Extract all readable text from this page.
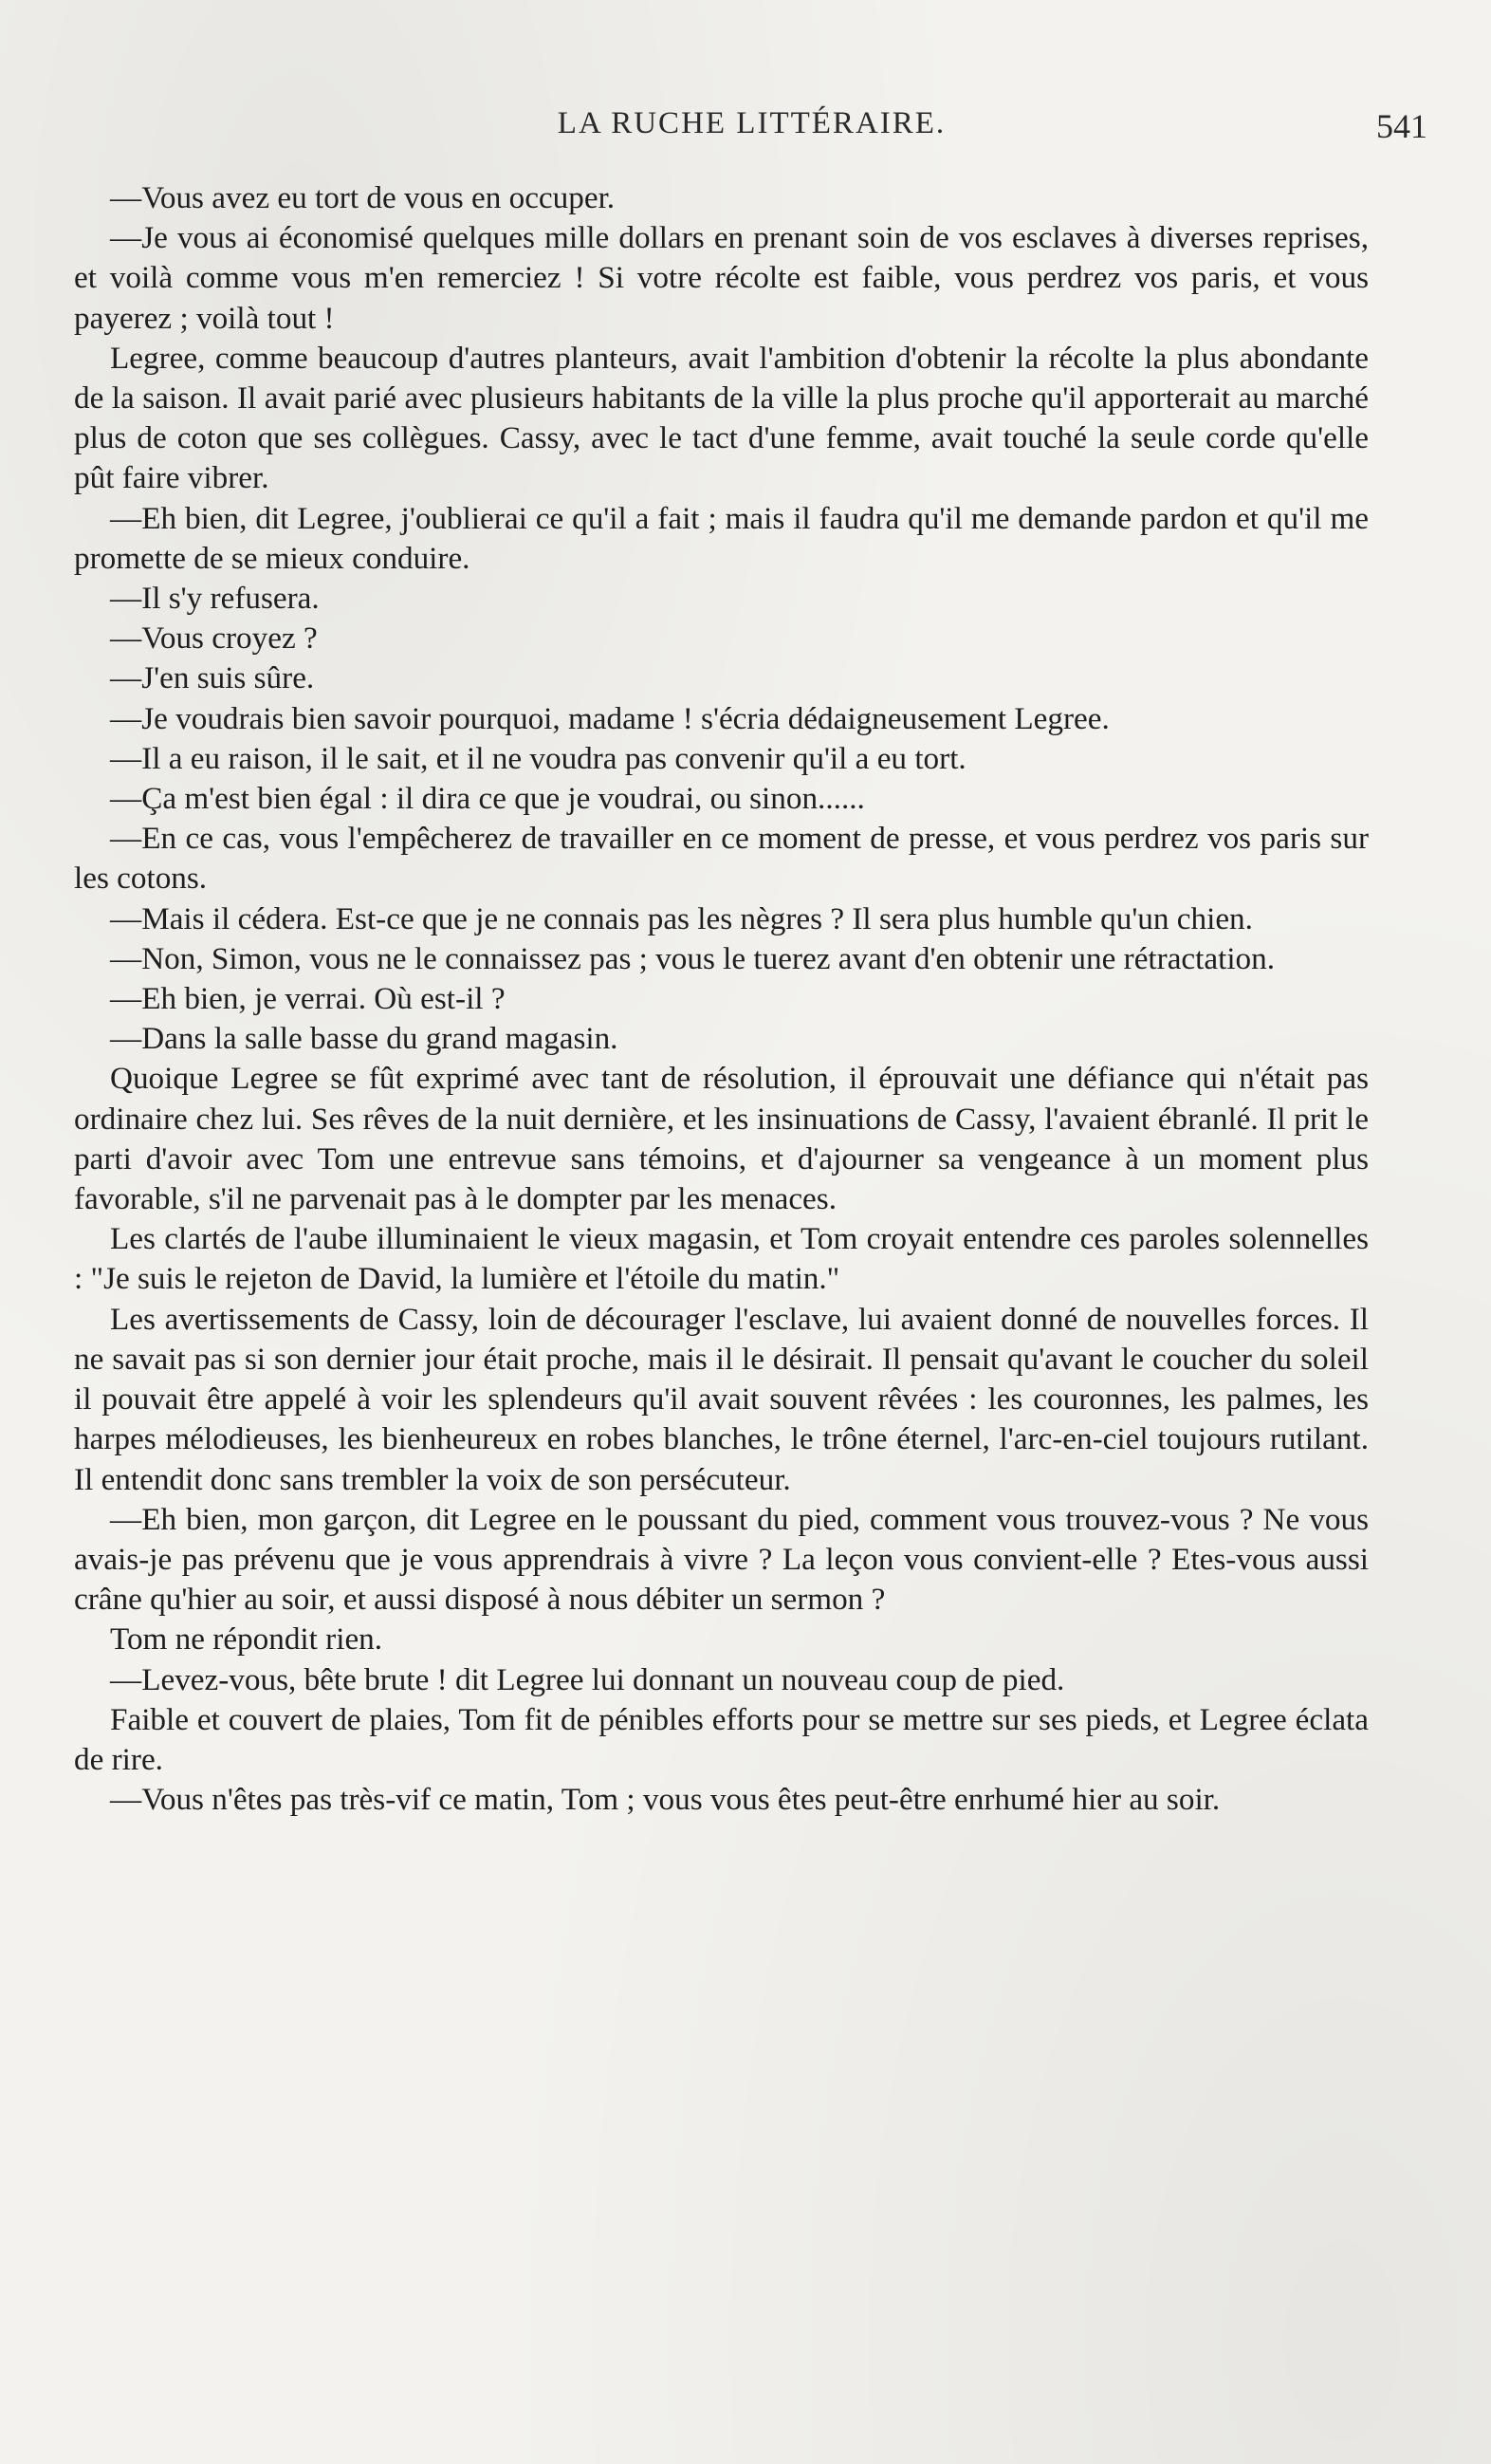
LA RUCHE LITTÉRAIRE.	541

—Vous avez eu tort de vous en occuper.

—Je vous ai économisé quelques mille dollars en prenant soin de vos esclaves à diverses reprises, et voilà comme vous m'en remerciez ! Si votre récolte est faible, vous perdrez vos paris, et vous payerez ; voilà tout !

Legree, comme beaucoup d'autres planteurs, avait l'ambition d'obtenir la récolte la plus abondante de la saison. Il avait parié avec plusieurs habitants de la ville la plus proche qu'il apporterait au marché plus de coton que ses collègues. Cassy, avec le tact d'une femme, avait touché la seule corde qu'elle pût faire vibrer.

—Eh bien, dit Legree, j'oublierai ce qu'il a fait ; mais il faudra qu'il me demande pardon et qu'il me promette de se mieux conduire.

—Il s'y refusera.

—Vous croyez ?

—J'en suis sûre.

—Je voudrais bien savoir pourquoi, madame ! s'écria dédaigneusement Legree.

—Il a eu raison, il le sait, et il ne voudra pas convenir qu'il a eu tort.

—Ça m'est bien égal : il dira ce que je voudrai, ou sinon......

—En ce cas, vous l'empêcherez de travailler en ce moment de presse, et vous perdrez vos paris sur les cotons.

—Mais il cédera. Est-ce que je ne connais pas les nègres ? Il sera plus humble qu'un chien.

—Non, Simon, vous ne le connaissez pas ; vous le tuerez avant d'en obtenir une rétractation.

—Eh bien, je verrai. Où est-il ?

—Dans la salle basse du grand magasin.

Quoique Legree se fût exprimé avec tant de résolution, il éprouvait une défiance qui n'était pas ordinaire chez lui. Ses rêves de la nuit dernière, et les insinuations de Cassy, l'avaient ébranlé. Il prit le parti d'avoir avec Tom une entrevue sans témoins, et d'ajourner sa vengeance à un moment plus favorable, s'il ne parvenait pas à le dompter par les menaces.

Les clartés de l'aube illuminaient le vieux magasin, et Tom croyait entendre ces paroles solennelles : "Je suis le rejeton de David, la lumière et l'étoile du matin."

Les avertissements de Cassy, loin de décourager l'esclave, lui avaient donné de nouvelles forces. Il ne savait pas si son dernier jour était proche, mais il le désirait. Il pensait qu'avant le coucher du soleil il pouvait être appelé à voir les splendeurs qu'il avait souvent rêvées : les couronnes, les palmes, les harpes mélodieuses, les bienheureux en robes blanches, le trône éternel, l'arc-en-ciel toujours rutilant. Il entendit donc sans trembler la voix de son persécuteur.

—Eh bien, mon garçon, dit Legree en le poussant du pied, comment vous trouvez-vous ? Ne vous avais-je pas prévenu que je vous apprendrais à vivre ? La leçon vous convient-elle ? Etes-vous aussi crâne qu'hier au soir, et aussi disposé à nous débiter un sermon ?

Tom ne répondit rien.

—Levez-vous, bête brute ! dit Legree lui donnant un nouveau coup de pied.

Faible et couvert de plaies, Tom fit de pénibles efforts pour se mettre sur ses pieds, et Legree éclata de rire.

—Vous n'êtes pas très-vif ce matin, Tom ; vous vous êtes peut-être enrhumé hier au soir.
